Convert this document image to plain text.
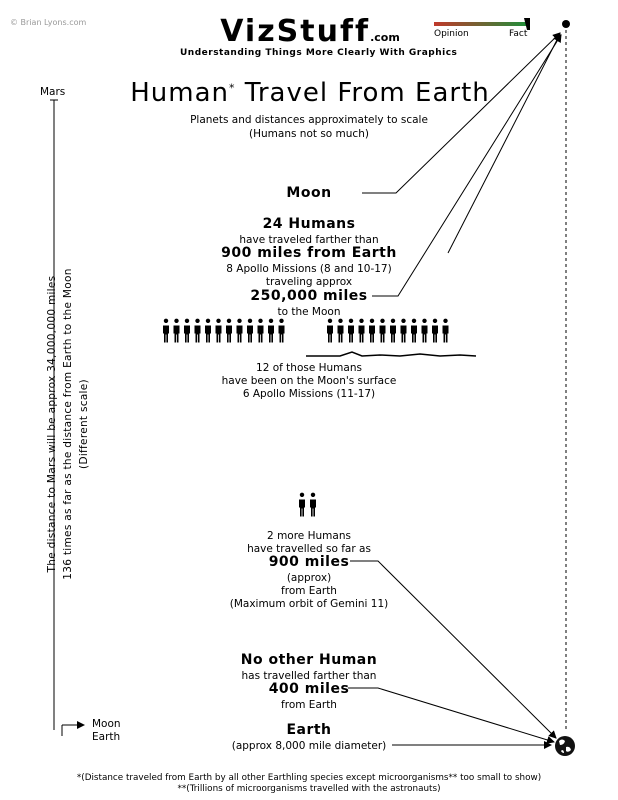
© Brian Lyons.com	VizStuff.com
Understanding Things More Clearly With Graphics
Opinion	Fact
Human* Travel From Earth
Planets and distances approximately to scale
(Humans not so much)
Mars
The distance to Mars will be approx 34,000,000 miles 136 times as far as the distance from Earth to the Moon (Different scale)
Moon
24 Humans
have traveled farther than
900 miles from Earth
8 Apollo Missions (8 and 10-17)
traveling approx
250,000 miles
to the Moon
12 of those Humans
have been on the Moon's surface
6 Apollo Missions (11-17)
2 more Humans
have travelled so far as
900 miles
(approx)
from Earth
(Maximum orbit of Gemini 11)
No other Human
has travelled farther than
400 miles
from Earth
Earth
(approx 8,000 mile diameter)
Moon
Earth
*(Distance traveled from Earth by all other Earthling species except microorganisms** too small to show)
**(Trillions of microorganisms travelled with the astronauts)
